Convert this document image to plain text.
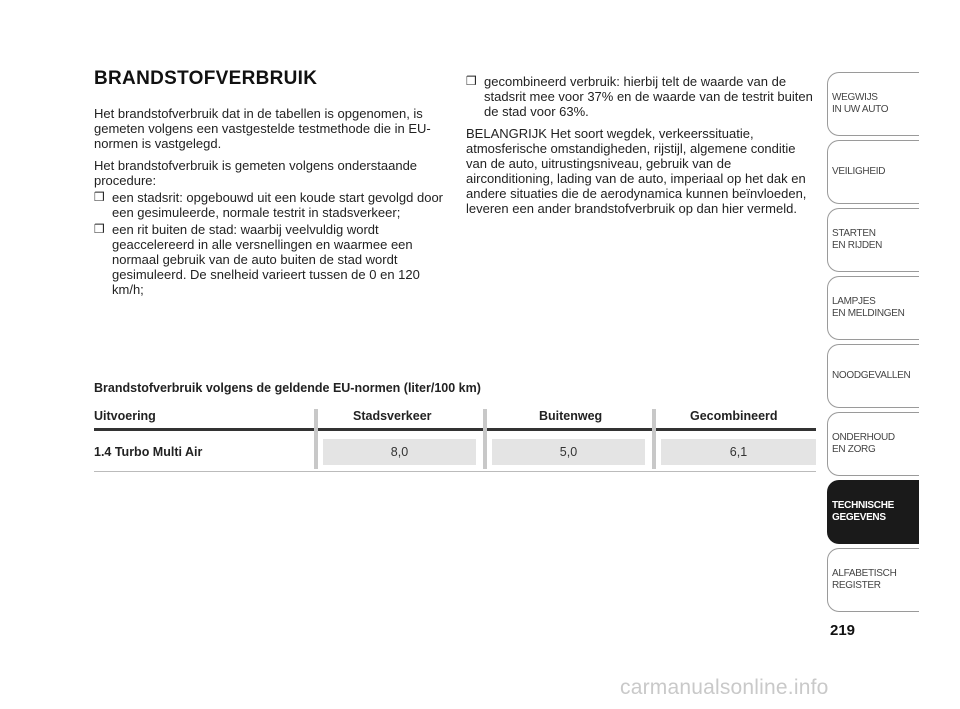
BRANDSTOFVERBRUIK

Het brandstofverbruik dat in de tabellen is opgenomen, is gemeten volgens een vastgestelde testmethode die in EU-normen is vastgelegd.

Het brandstofverbruik is gemeten volgens onderstaande procedure:

❒ een stadsrit: opgebouwd uit een koude start gevolgd door een gesimuleerde, normale testrit in stadsverkeer;
❒ een rit buiten de stad: waarbij veelvuldig wordt geaccelereerd in alle versnellingen en waarmee een normaal gebruik van de auto buiten de stad wordt gesimuleerd. De snelheid varieert tussen de 0 en 120 km/h;
❒ gecombineerd verbruik: hierbij telt de waarde van de stadsrit mee voor 37% en de waarde van de testrit buiten de stad voor 63%.

BELANGRIJK Het soort wegdek, verkeerssituatie, atmosferische omstandigheden, rijstijl, algemene conditie van de auto, uitrustingsniveau, gebruik van de airconditioning, lading van de auto, imperiaal op het dak en andere situaties die de aerodynamica kunnen beïnvloeden, leveren een ander brandstofverbruik op dan hier vermeld.

Brandstofverbruik volgens de geldende EU-normen (liter/100 km)
Uitvoering	Stadsverkeer	Buitenweg	Gecombineerd
1.4 Turbo Multi Air	8,0	5,0	6,1
WEGWIJS
IN UW AUTO
VEILIGHEID
STARTEN
EN RIJDEN
LAMPJES
EN MELDINGEN
NOODGEVALLEN
ONDERHOUD
EN ZORG
TECHNISCHE
GEGEVENS
ALFABETISCH
REGISTER
219
carmanualsonline.info
